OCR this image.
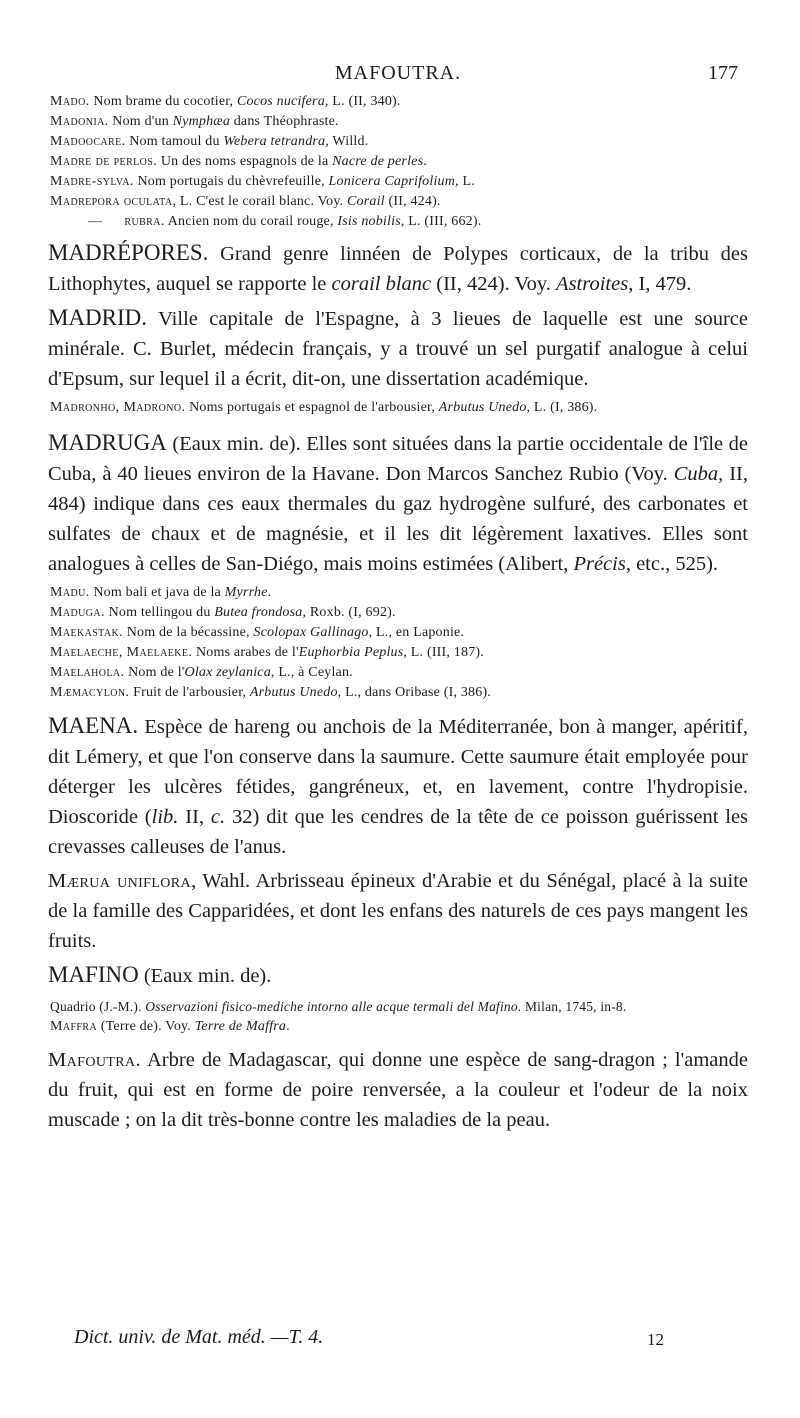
MAFOUTRA.	177

Mado. Nom brame du cocotier, Cocos nucifera, L. (II, 340).

Madonia. Nom d'un Nymphæa dans Théophraste.

Madoocare. Nom tamoul du Webera tetrandra, Willd.

Madre de perlos. Un des noms espagnols de la Nacre de perles.

Madre-sylva. Nom portugais du chèvrefeuille, Lonicera Caprifolium, L.

Madrepora oculata, L. C'est le corail blanc. Voy. Corail (II, 424).

— rubra. Ancien nom du corail rouge, Isis nobilis, L. (III, 662).

MADRÉPORES. Grand genre linnéen de Polypes corticaux, de la tribu des Lithophytes, auquel se rapporte le corail blanc (II, 424). Voy. Astroites, I, 479.

MADRID. Ville capitale de l'Espagne, à 3 lieues de laquelle est une source minérale. C. Burlet, médecin français, y a trouvé un sel purgatif analogue à celui d'Epsum, sur lequel il a écrit, dit-on, une dissertation académique.

Madronho, Madrono. Noms portugais et espagnol de l'arbousier, Arbutus Unedo, L. (I, 386).

MADRUGA (Eaux min. de). Elles sont situées dans la partie occidentale de l'île de Cuba, à 40 lieues environ de la Havane. Don Marcos Sanchez Rubio (Voy. Cuba, II, 484) indique dans ces eaux thermales du gaz hydrogène sulfuré, des carbonates et sulfates de chaux et de magnésie, et il les dit légèrement laxatives. Elles sont analogues à celles de San-Diégo, mais moins estimées (Alibert, Précis, etc., 525).

Madu. Nom bali et java de la Myrrhe.

Maduga. Nom tellingou du Butea frondosa, Roxb. (I, 692).

Maekastak. Nom de la bécassine, Scolopax Gallinago, L., en Laponie.

Maelaeche, Maelaeke. Noms arabes de l'Euphorbia Peplus, L. (III, 187).

Maelahola. Nom de l'Olax zeylanica, L., à Ceylan.

Mæmacylon. Fruit de l'arbousier, Arbutus Unedo, L., dans Oribase (I, 386).

MAENA. Espèce de hareng ou anchois de la Méditerranée, bon à manger, apéritif, dit Lémery, et que l'on conserve dans la saumure. Cette saumure était employée pour déterger les ulcères fétides, gangréneux, et, en lavement, contre l'hydropisie. Dioscoride (lib. II, c. 32) dit que les cendres de la tête de ce poisson guérissent les crevasses calleuses de l'anus.

Mærua uniflora, Wahl. Arbrisseau épineux d'Arabie et du Sénégal, placé à la suite de la famille des Capparidées, et dont les enfans des naturels de ces pays mangent les fruits.

MAFINO (Eaux min. de).

Quadrio (J.-M.). Osservazioni fisico-mediche intorno alle acque termali del Mafino. Milan, 1745, in-8.

Maffra (Terre de). Voy. Terre de Maffra.

Mafoutra. Arbre de Madagascar, qui donne une espèce de sang-dragon ; l'amande du fruit, qui est en forme de poire renversée, a la couleur et l'odeur de la noix muscade ; on la dit très-bonne contre les maladies de la peau.

Dict. univ. de Mat. méd. —T. 4.	12
